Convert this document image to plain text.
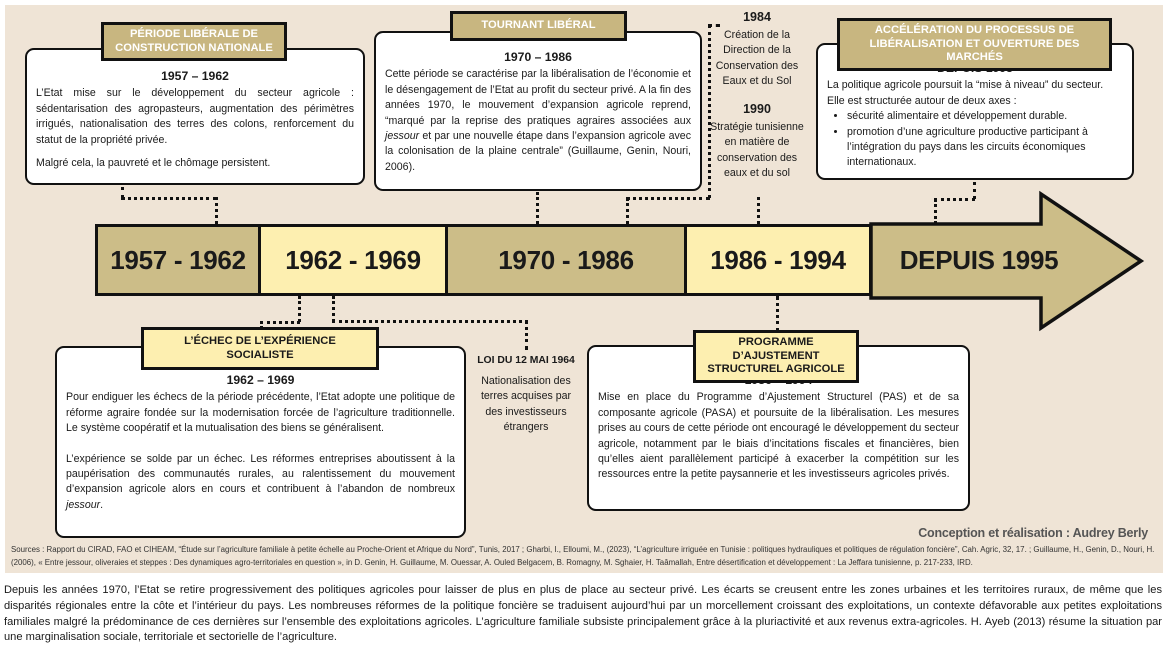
PÉRIODE LIBÉRALE DE
CONSTRUCTION NATIONALE
1957 – 1962

L’Etat mise sur le développement du secteur agricole : sédentarisation des agropasteurs, augmentation des périmètres irrigués, nationalisation des terres des colons, renforcement du statut de la propriété privée.

Malgré cela, la pauvreté et le chômage persistent.

TOURNANT LIBÉRAL
1970 – 1986

Cette période se caractérise par la libéralisation de l’économie et le désengagement de l’Etat au profit du secteur privé. A la fin des années 1970, le mouvement d’expansion agricole reprend, “marqué par la reprise des pratiques agraires associées aux jessour et par une nouvelle étape dans l’expansion agricole avec la colonisation de la plaine centrale” (Guillaume, Genin, Nouri, 2006).

1984
Création de la Direction de la Conservation des Eaux et du Sol
1990
Stratégie tunisienne en matière de conservation des eaux et du sol
ACCÉLÉRATION DU PROCESSUS DE
LIBÉRALISATION ET OUVERTURE DES MARCHÉS

La politique agricole poursuit la “mise à niveau” du secteur. Elle est structurée autour de deux axes :

• sécurité alimentaire et développement durable.
• promotion d’une agriculture productive participant à l’intégration du pays dans les circuits économiques internationaux.
1957 - 1962 1962 - 1969	1970 - 1986	1986 - 1994 DEPUIS 1995
L’ÉCHEC DE L’EXPÉRIENCE SOCIALISTE
1962 – 1969

Pour endiguer les échecs de la période précédente, l’Etat adopte une politique de réforme agraire fondée sur la modernisation forcée de l’agriculture traditionnelle. Le système coopératif et la mutualisation des biens se généralisent.

L’expérience se solde par un échec. Les réformes entreprises aboutissent à la paupérisation des communautés rurales, au ralentissement du mouvement d’expansion agricole alors en cours et contribuent à l’abandon de nombreux jessour.

LOI DU 12 MAI 1964
Nationalisation des terres acquises par des investisseurs étrangers
PROGRAMME D’AJUSTEMENT
STRUCTUREL AGRICOLE

Mise en place du Programme d’Ajustement Structurel (PAS) et de sa composante agricole (PASA) et poursuite de la libéralisation. Les mesures prises au cours de cette période ont encouragé le développement du secteur agricole, notamment par le biais d’incitations fiscales et financières, bien qu’elles aient parallèlement participé à exacerber la compétition sur les ressources entre la petite paysannerie et les investisseurs agricoles privés.

Conception et réalisation : Audrey Berly
Sources : Rapport du CIRAD, FAO et CIHEAM, “Étude sur l’agriculture familiale à petite échelle au Proche-Orient et Afrique du Nord”, Tunis, 2017 ; Gharbi, I., Elloumi, M., (2023), “L’agriculture irriguée en Tunisie : politiques hydrauliques et politiques de régulation foncière”, Cah. Agric, 32, 17. ; Guillaume, H., Genin, D., Nouri, H. (2006), « Entre jessour, oliveraies et steppes : Des dynamiques agro-territoriales en question », in D. Genin, H. Guillaume, M. Ouessar, A. Ouled Belgacem, B. Romagny, M. Sghaier, H. Taâmallah, Entre désertification et développement : La Jeffara tunisienne, p. 217-233, IRD.
Depuis les années 1970, l’Etat se retire progressivement des politiques agricoles pour laisser de plus en plus de place au secteur privé. Les écarts se creusent entre les zones urbaines et les territoires ruraux, de même que les disparités régionales entre la côte et l’intérieur du pays. Les nombreuses réformes de la politique foncière se traduisent aujourd’hui par un morcellement croissant des exploitations, un contexte défavorable aux petites exploitations familiales malgré la prédominance de ces dernières sur l’ensemble des exploitations agricoles. L’agriculture familiale subsiste principalement grâce à la pluriactivité et aux revenus extra-agricoles. H. Ayeb (2013) résume la situation par une marginalisation sociale, territoriale et sectorielle de l’agriculture.
